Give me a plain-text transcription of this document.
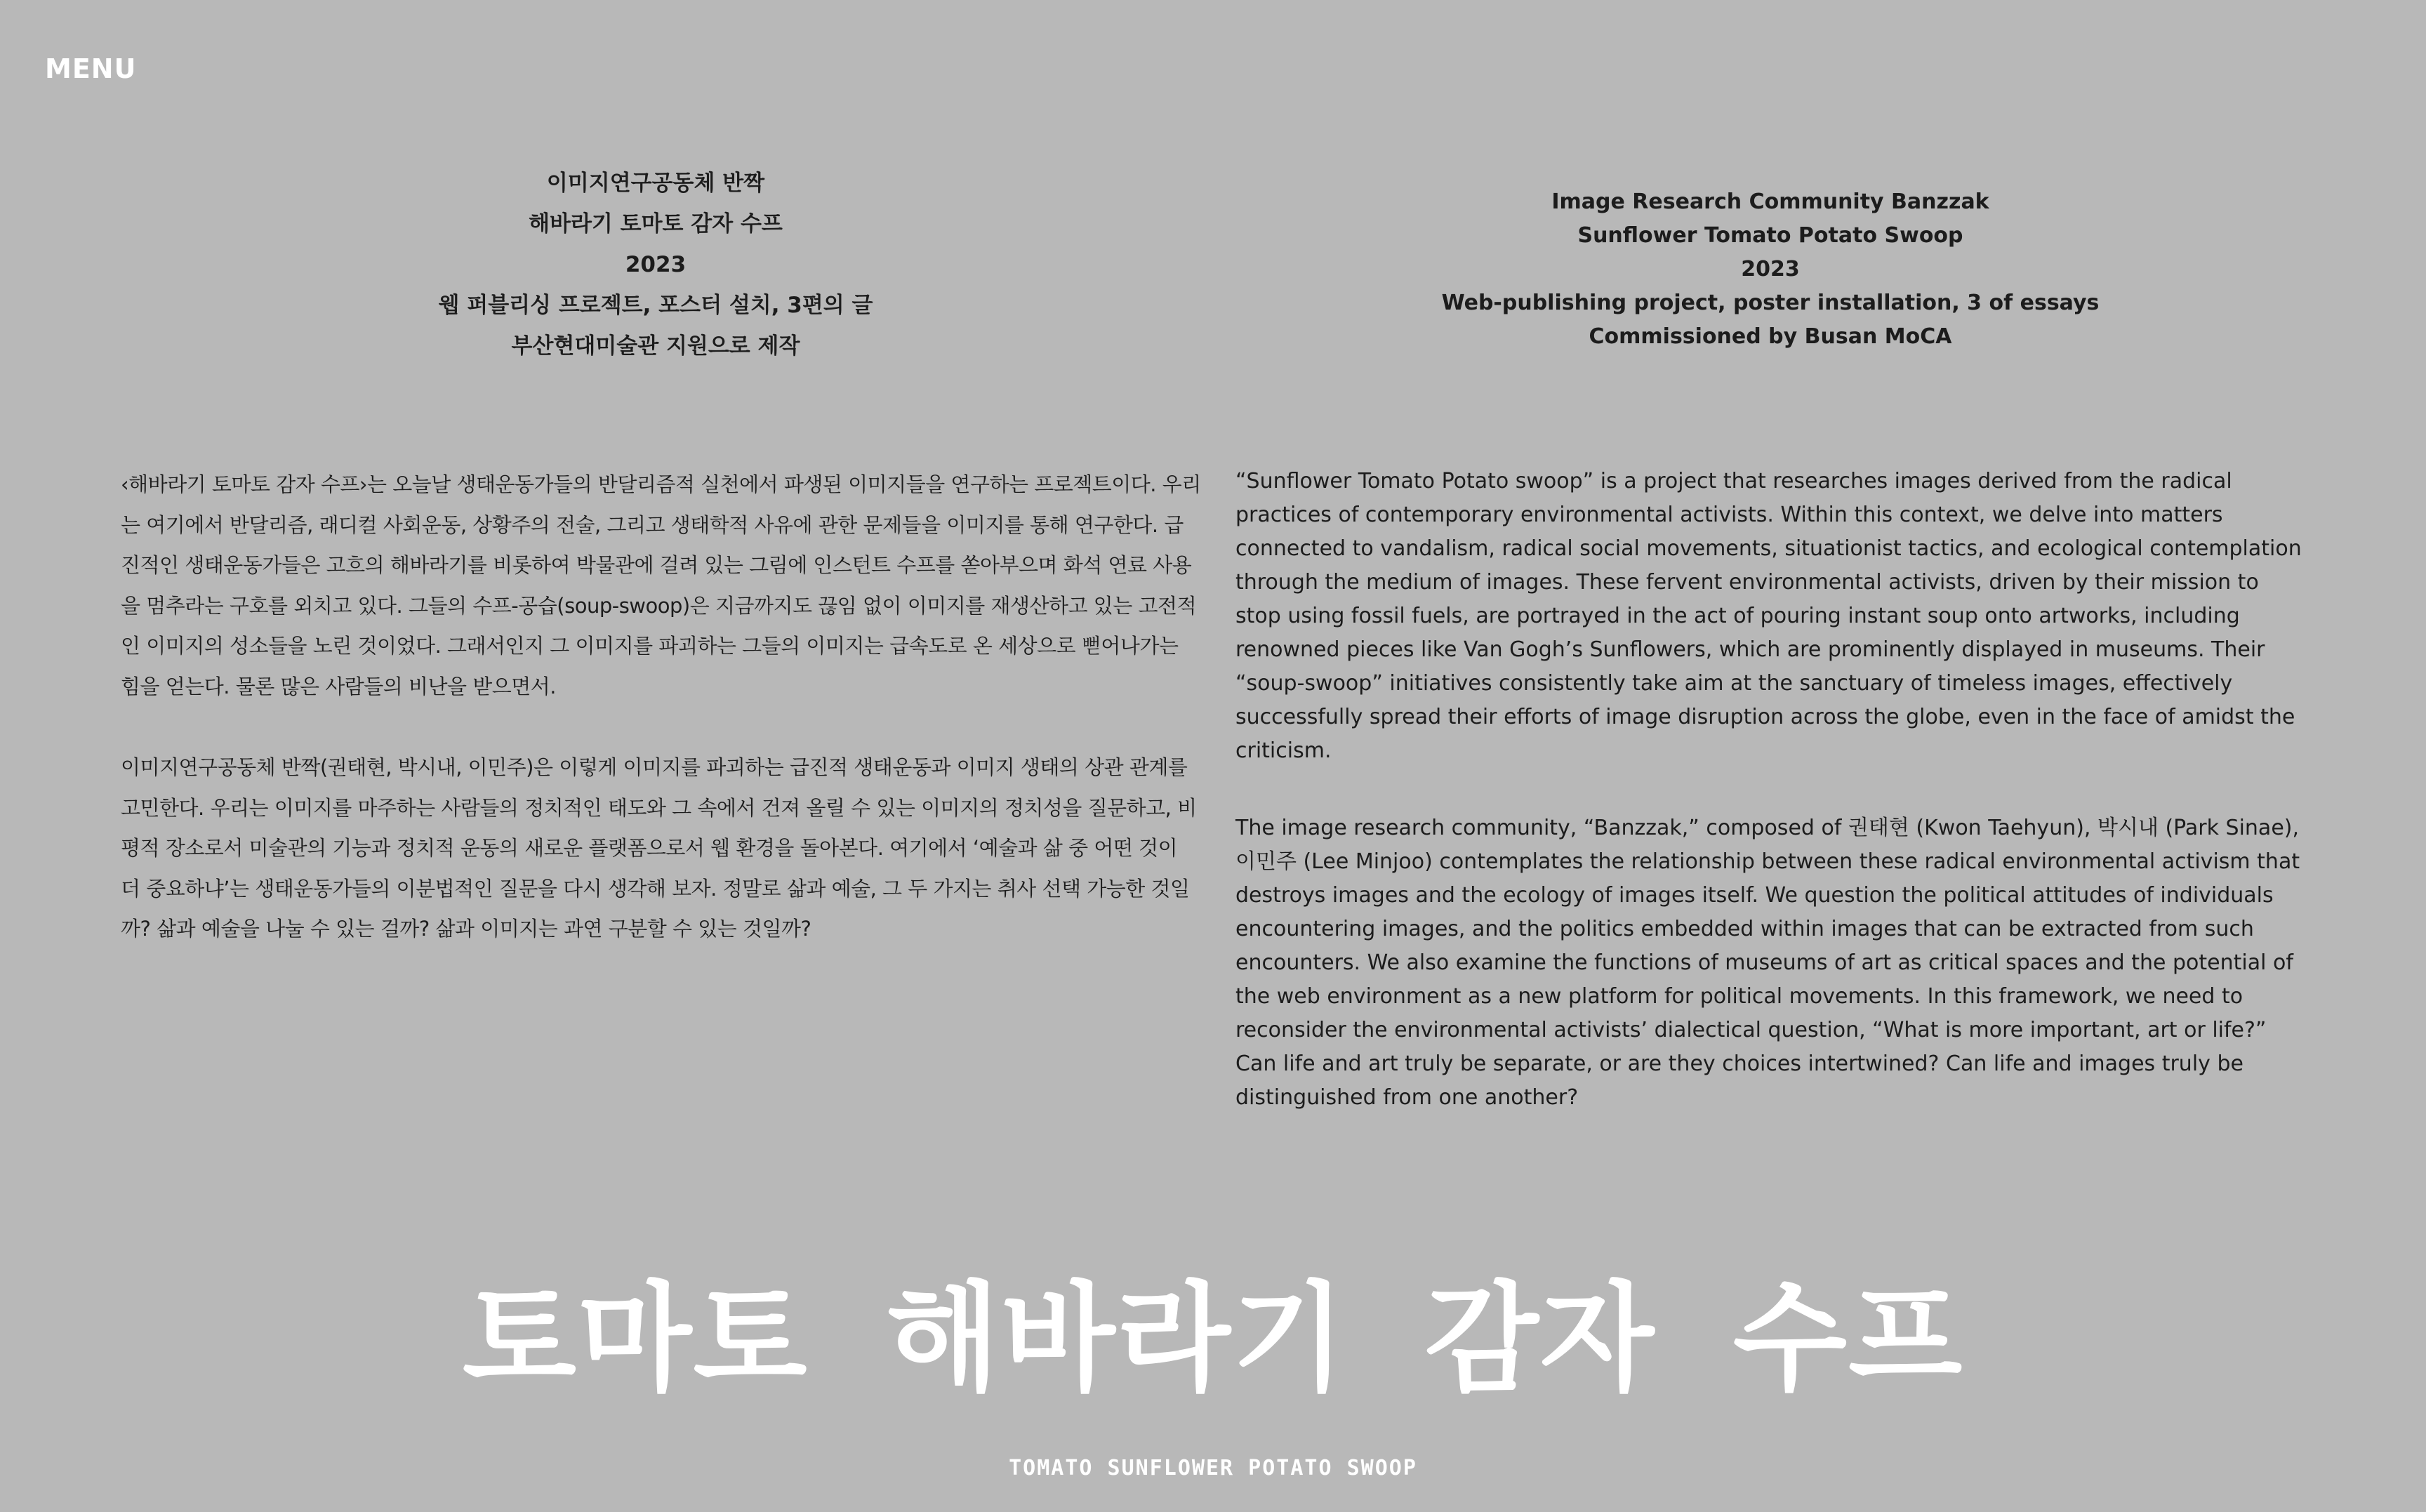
MENU
이미지연구공동체 반짝
해바라기 토마토 감자 수프
2023
웹 퍼블리싱 프로젝트, 포스터 설치, 3편의 글
부산현대미술관 지원으로 제작
Image Research Community Banzzak
Sunflower Tomato Potato Swoop
2023
Web-publishing project, poster installation, 3 of essays
Commissioned by Busan MoCA

‹해바라기 토마토 감자 수프›는 오늘날 생태운동가들의 반달리즘적 실천에서 파생된 이미지들을 연구하는 프로젝트이다. 우리는 여기에서 반달리즘, 래디컬 사회운동, 상황주의 전술, 그리고 생태학적 사유에 관한 문제들을 이미지를 통해 연구한다. 급진적인 생태운동가들은 고흐의 해바라기를 비롯하여 박물관에 걸려 있는 그림에 인스턴트 수프를 쏟아부으며 화석 연료 사용을 멈추라는 구호를 외치고 있다. 그들의 수프-공습(soup-swoop)은 지금까지도 끊임 없이 이미지를 재생산하고 있는 고전적인 이미지의 성소들을 노린 것이었다. 그래서인지 그 이미지를 파괴하는 그들의 이미지는 급속도로 온 세상으로 뻗어나가는 힘을 얻는다. 물론 많은 사람들의 비난을 받으면서.

이미지연구공동체 반짝(권태현, 박시내, 이민주)은 이렇게 이미지를 파괴하는 급진적 생태운동과 이미지 생태의 상관 관계를 고민한다. 우리는 이미지를 마주하는 사람들의 정치적인 태도와 그 속에서 건져 올릴 수 있는 이미지의 정치성을 질문하고, 비평적 장소로서 미술관의 기능과 정치적 운동의 새로운 플랫폼으로서 웹 환경을 돌아본다. 여기에서 ‘예술과 삶 중 어떤 것이 더 중요하냐’는 생태운동가들의 이분법적인 질문을 다시 생각해 보자. 정말로 삶과 예술, 그 두 가지는 취사 선택 가능한 것일까? 삶과 예술을 나눌 수 있는 걸까? 삶과 이미지는 과연 구분할 수 있는 것일까?

“Sunflower Tomato Potato swoop” is a project that researches images derived from the radical practices of contemporary environmental activists. Within this context, we delve into matters connected to vandalism, radical social movements, situationist tactics, and ecological contemplation through the medium of images. These fervent environmental activists, driven by their mission to stop using fossil fuels, are portrayed in the act of pouring instant soup onto artworks, including renowned pieces like Van Gogh’s Sunflowers, which are prominently displayed in museums. Their “soup-swoop” initiatives consistently take aim at the sanctuary of timeless images, effectively successfully spread their efforts of image disruption across the globe, even in the face of amidst the criticism.

The image research community, “Banzzak,” composed of 권태현 (Kwon Taehyun), 박시내 (Park Sinae), 이민주 (Lee Minjoo) contemplates the relationship between these radical environmental activism that destroys images and the ecology of images itself. We question the political attitudes of individuals encountering images, and the politics embedded within images that can be extracted from such encounters. We also examine the functions of museums of art as critical spaces and the potential of the web environment as a new platform for political movements. In this framework, we need to reconsider the environmental activists’ dialectical question, “What is more important, art or life?” Can life and art truly be separate, or are they choices intertwined? Can life and images truly be distinguished from one another?

토마토 해바라기 감자 수프
TOMATO SUNFLOWER POTATO SWOOP
